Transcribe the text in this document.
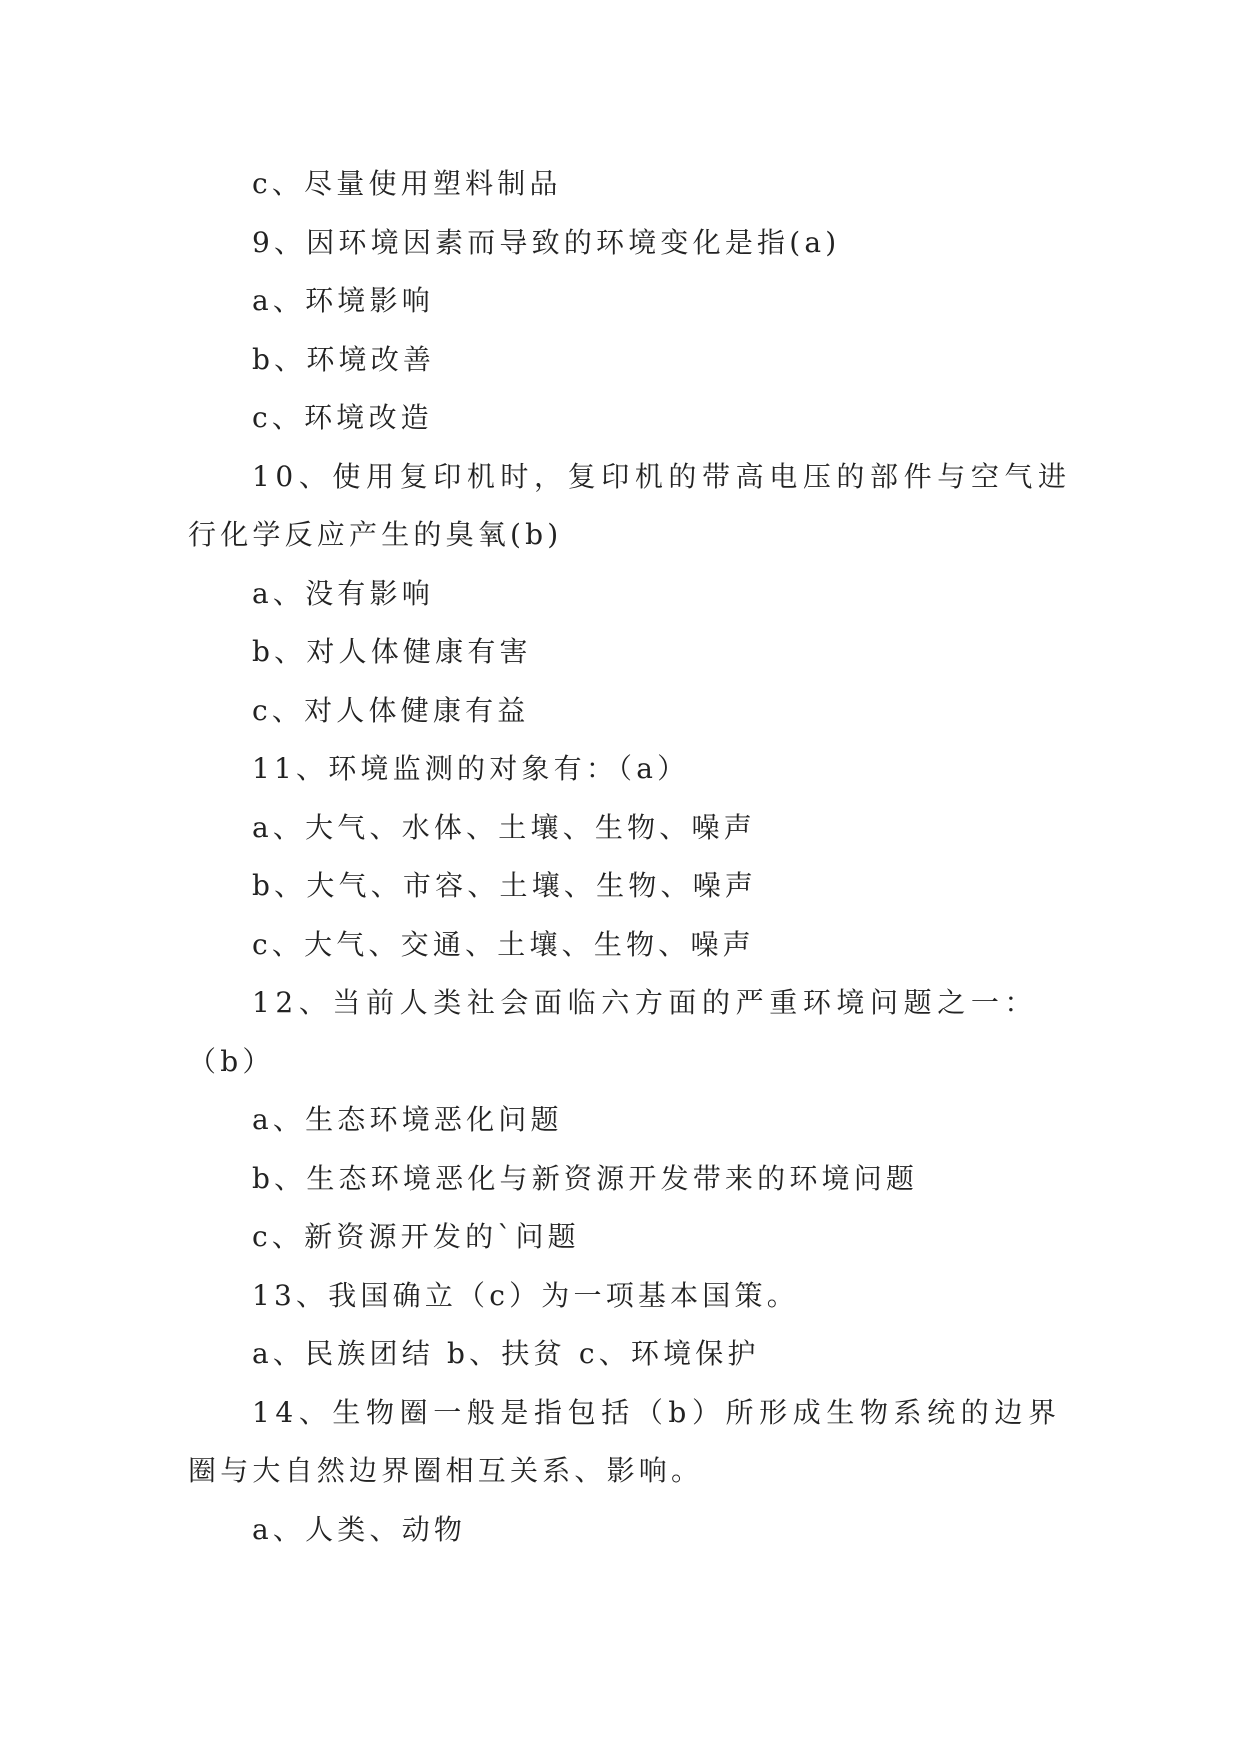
c、尽量使用塑料制品
9、因环境因素而导致的环境变化是指(a)
a、环境影响
b、环境改善
c、环境改造
10、使用复印机时，复印机的带高电压的部件与空气进
行化学反应产生的臭氧(b)
a、没有影响
b、对人体健康有害
c、对人体健康有益
11、环境监测的对象有：（a）
a、大气、水体、土壤、生物、噪声
b、大气、市容、土壤、生物、噪声
c、大气、交通、土壤、生物、噪声
12、当前人类社会面临六方面的严重环境问题之一：
（b）
a、生态环境恶化问题
b、生态环境恶化与新资源开发带来的环境问题
c、新资源开发的`问题
13、我国确立（c）为一项基本国策。
a、民族团结 b、扶贫 c、环境保护
14、生物圈一般是指包括（b）所形成生物系统的边界
圈与大自然边界圈相互关系、影响。
a、人类、动物
